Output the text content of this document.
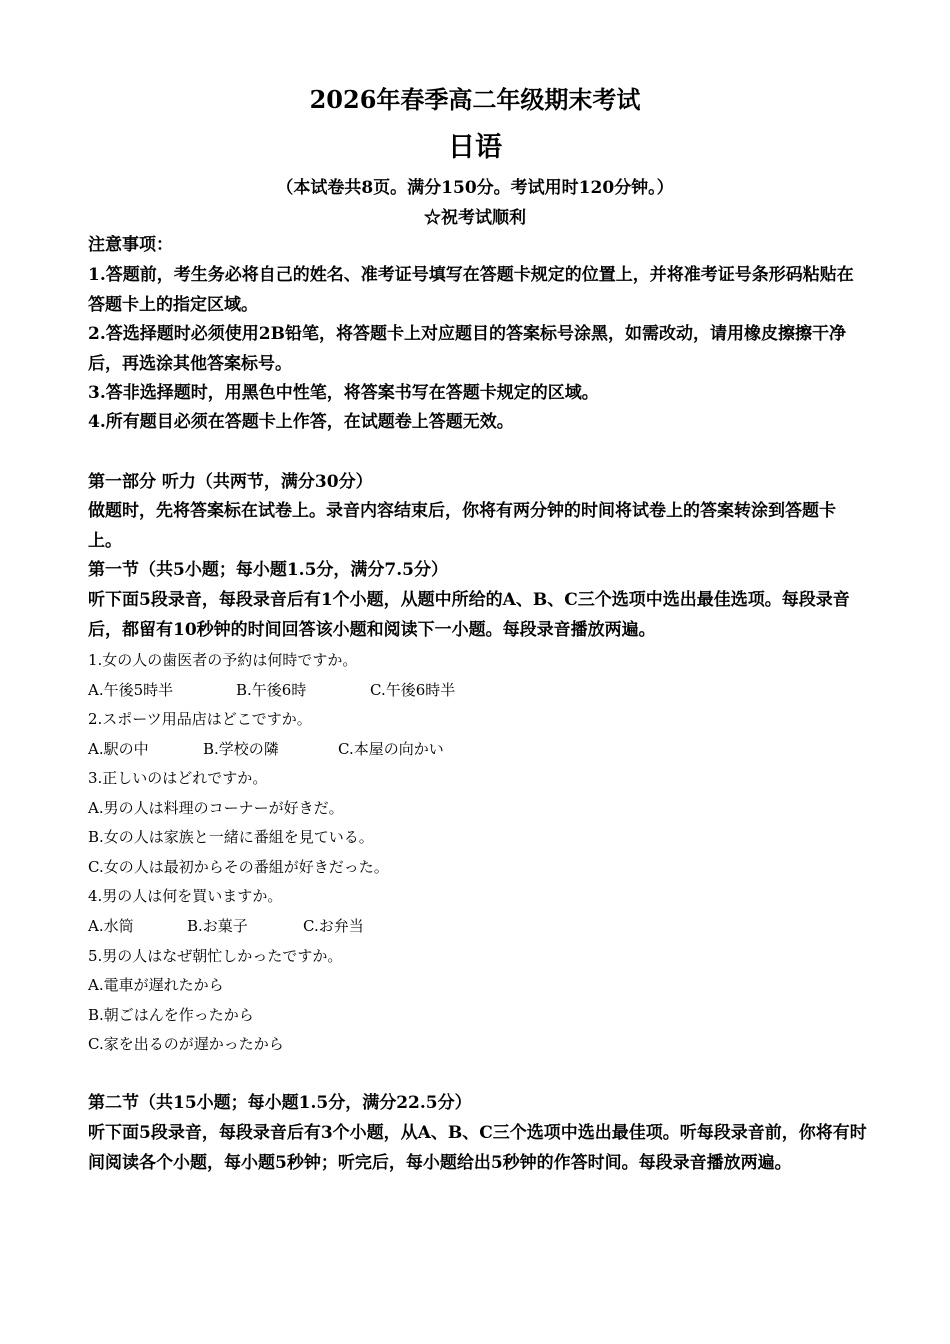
2026年春季高二年级期末考试
日语
（本试卷共8页。满分150分。考试用时120分钟。）
☆祝考试顺利
注意事项：
1.答题前，考生务必将自己的姓名、准考证号填写在答题卡规定的位置上，并将准考证号条形码粘贴在答题卡上的指定区域。
2.答选择题时必须使用2B铅笔，将答题卡上对应题目的答案标号涂黑，如需改动，请用橡皮擦擦干净后，再选涂其他答案标号。
3.答非选择题时，用黑色中性笔，将答案书写在答题卡规定的区域。
4.所有题目必须在答题卡上作答，在试题卷上答题无效。
第一部分 听力（共两节，满分30分）
做题时，先将答案标在试卷上。录音内容结束后，你将有两分钟的时间将试卷上的答案转涂到答题卡上。
第一节（共5小题；每小题1.5分，满分7.5分）
听下面5段录音，每段录音后有1个小题，从题中所给的A、B、C三个选项中选出最佳选项。每段录音后，都留有10秒钟的时间回答该小题和阅读下一小题。每段录音播放两遍。
1.女の人の歯医者の予約は何時ですか。
A.午後5時半	B.午後6時	C.午後6時半
2.スポーツ用品店はどこですか。
A.駅の中	B.学校の隣	C.本屋の向かい
3.正しいのはどれですか。
A.男の人は料理のコーナーが好きだ。
B.女の人は家族と一緒に番組を見ている。
C.女の人は最初からその番組が好きだった。
4.男の人は何を買いますか。
A.水筒	B.お菓子	C.お弁当
5.男の人はなぜ朝忙しかったですか。
A.電車が遅れたから
B.朝ごはんを作ったから
C.家を出るのが遅かったから
第二节（共15小题；每小题1.5分，满分22.5分）
听下面5段录音，每段录音后有3个小题，从A、B、C三个选项中选出最佳项。听每段录音前，你将有时间阅读各个小题，每小题5秒钟；听完后，每小题给出5秒钟的作答时间。每段录音播放两遍。
